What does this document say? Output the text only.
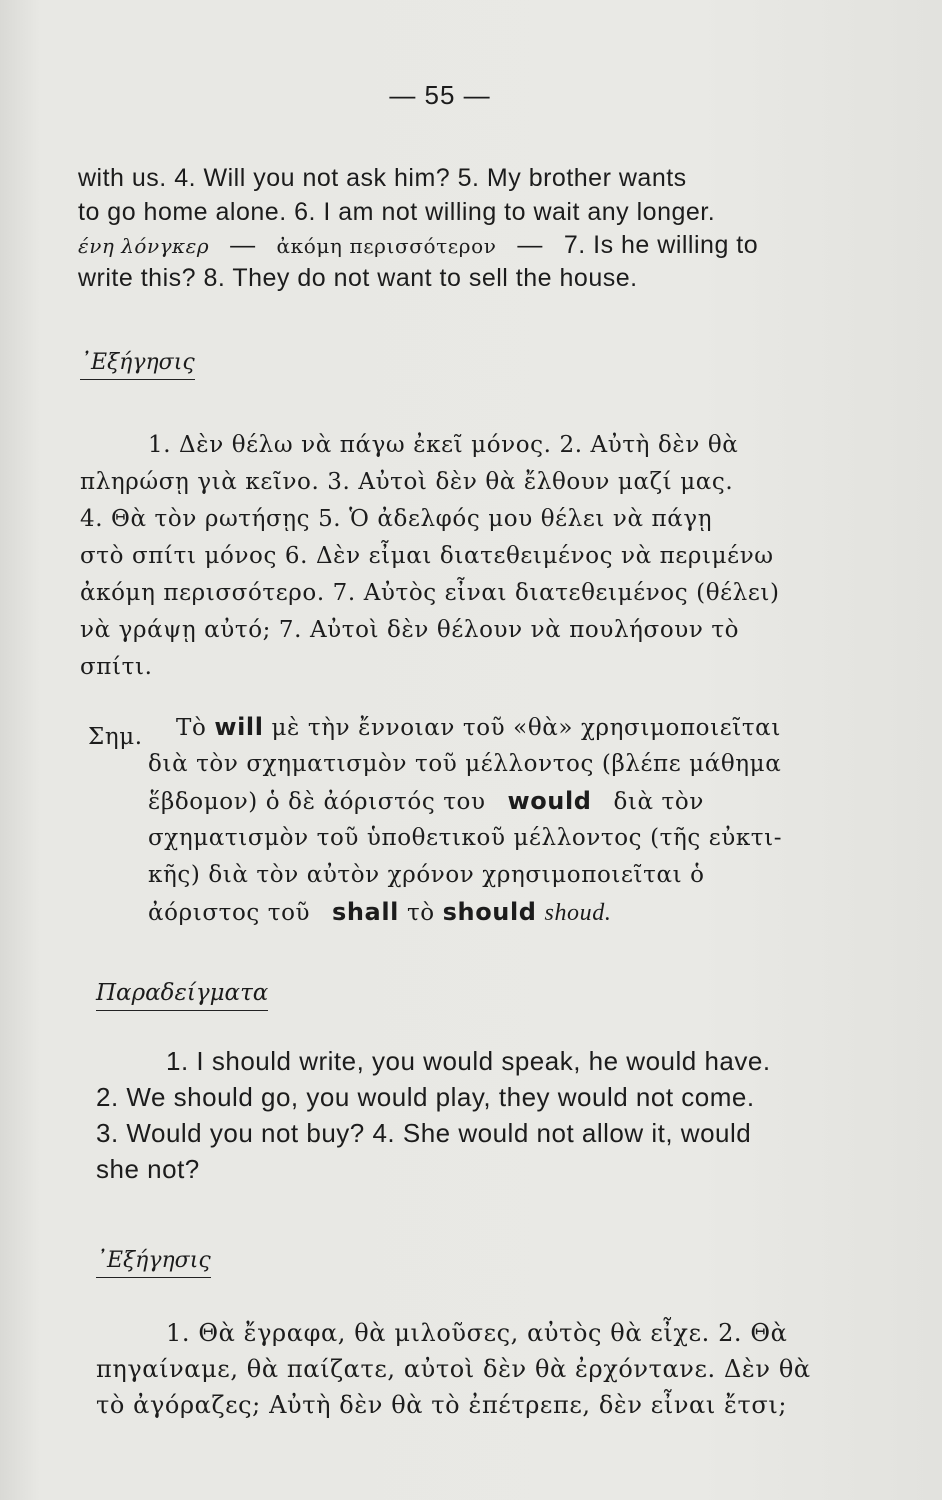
— 55 —
with us. 4. Will you not ask him? 5. My brother wants
to go home alone. 6. I am not willing to wait any longer.
ένη λόνγκερ — ἀκόμη περισσότερον — 7. Is he willing to
write this? 8. They do not want to sell the house.
᾿Εξήγησις
1. Δὲν θέλω νὰ πάγω ἐκεῖ μόνος. 2. Αὐτὴ δὲν θὰ
πληρώσῃ γιὰ κεῖνο. 3. Αὐτοὶ δὲν θὰ ἔλθουν μαζί μας.
4. Θὰ τὸν ρωτήσῃς 5. Ὁ ἀδελφός μου θέλει νὰ πάγῃ
στὸ σπίτι μόνος 6. Δὲν εἶμαι διατεθειμένος νὰ περιμένω
ἀκόμη περισσότερο. 7. Αὐτὸς εἶναι διατεθειμένος (θέλει)
νὰ γράψῃ αὐτό; 7. Αὐτοὶ δὲν θέλουν νὰ πουλήσουν τὸ
σπίτι.
Σημ. Τὸ will μὲ τὴν ἔννοιαν τοῦ «θὰ» χρησιμοποιεῖται
διὰ τὸν σχηματισμὸν τοῦ μέλλοντος (βλέπε μάθημα
ἕβδομον) ὁ δὲ ἀόριστός του would διὰ τὸν
σχηματισμὸν τοῦ ὑποθετικοῦ μέλλοντος (τῆς εὐκτι-
κῆς) διὰ τὸν αὐτὸν χρόνον χρησιμοποιεῖται ὁ
ἀόριστος τοῦ shall τὸ should shoud.
Παραδείγματα
1. I should write, you would speak, he would have.
2. We should go, you would play, they would not come.
3. Would you not buy? 4. She would not allow it, would
she not?
᾿Εξήγησις
1. Θὰ ἔγραφα, θὰ μιλοῦσες, αὐτὸς θὰ εἶχε. 2. Θὰ
πηγαίναμε, θὰ παίζατε, αὐτοὶ δὲν θὰ ἐρχόντανε. Δὲν θὰ
τὸ ἀγόραζες; Αὐτὴ δὲν θὰ τὸ ἐπέτρεπε, δὲν εἶναι ἔτσι;
